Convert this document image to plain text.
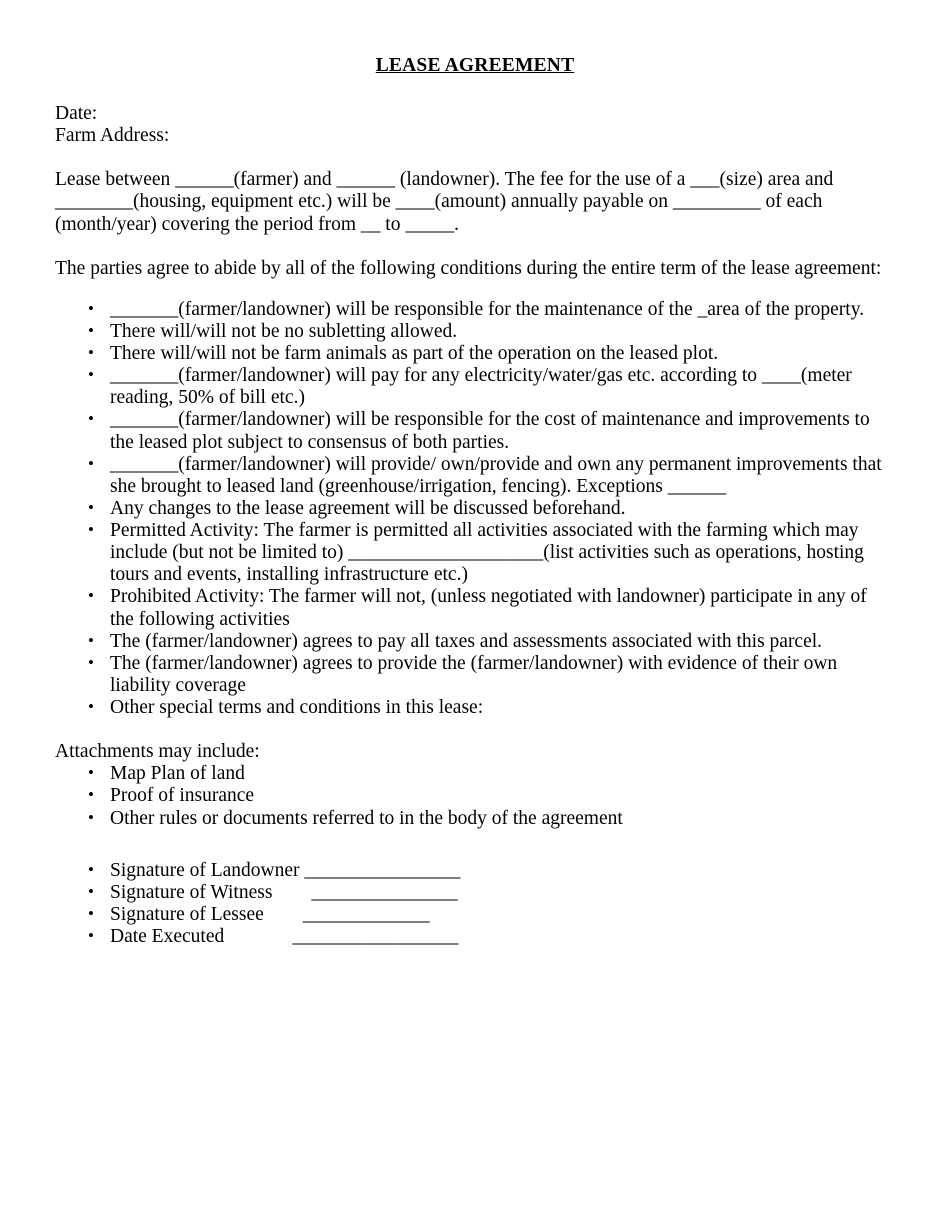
LEASE AGREEMENT

Date:

Farm Address:

Lease between ______(farmer) and ______ (landowner). The fee for the use of a ___(size) area and ________(housing, equipment etc.) will be ____(amount) annually payable on _________ of each (month/year) covering the period from __ to _____.

The parties agree to abide by all of the following conditions during the entire term of the lease agreement:

• _______(farmer/landowner) will be responsible for the maintenance of the _area of the property.
• There will/will not be no subletting allowed.
• There will/will not be farm animals as part of the operation on the leased plot.
• _______(farmer/landowner) will pay for any electricity/water/gas etc. according to ____(meter reading, 50% of bill etc.)
• _______(farmer/landowner) will be responsible for the cost of maintenance and improvements to the leased plot subject to consensus of both parties.
• _______(farmer/landowner) will provide/ own/provide and own any permanent improvements that she brought to leased land (greenhouse/irrigation, fencing). Exceptions ______
• Any changes to the lease agreement will be discussed beforehand.
• Permitted Activity: The farmer is permitted all activities associated with the farming which may include (but not be limited to) ____________________(list activities such as operations, hosting tours and events, installing infrastructure etc.)
• Prohibited Activity: The farmer will not, (unless negotiated with landowner) participate in any of the following activities
• The (farmer/landowner) agrees to pay all taxes and assessments associated with this parcel.
• The (farmer/landowner) agrees to provide the (farmer/landowner) with evidence of their own liability coverage
• Other special terms and conditions in this lease:

Attachments may include:

• Map Plan of land
• Proof of insurance
• Other rules or documents referred to in the body of the agreement
• Signature of Landowner ________________
• Signature of Witness        _______________
• Signature of Lessee        _____________
• Date Executed              _________________
